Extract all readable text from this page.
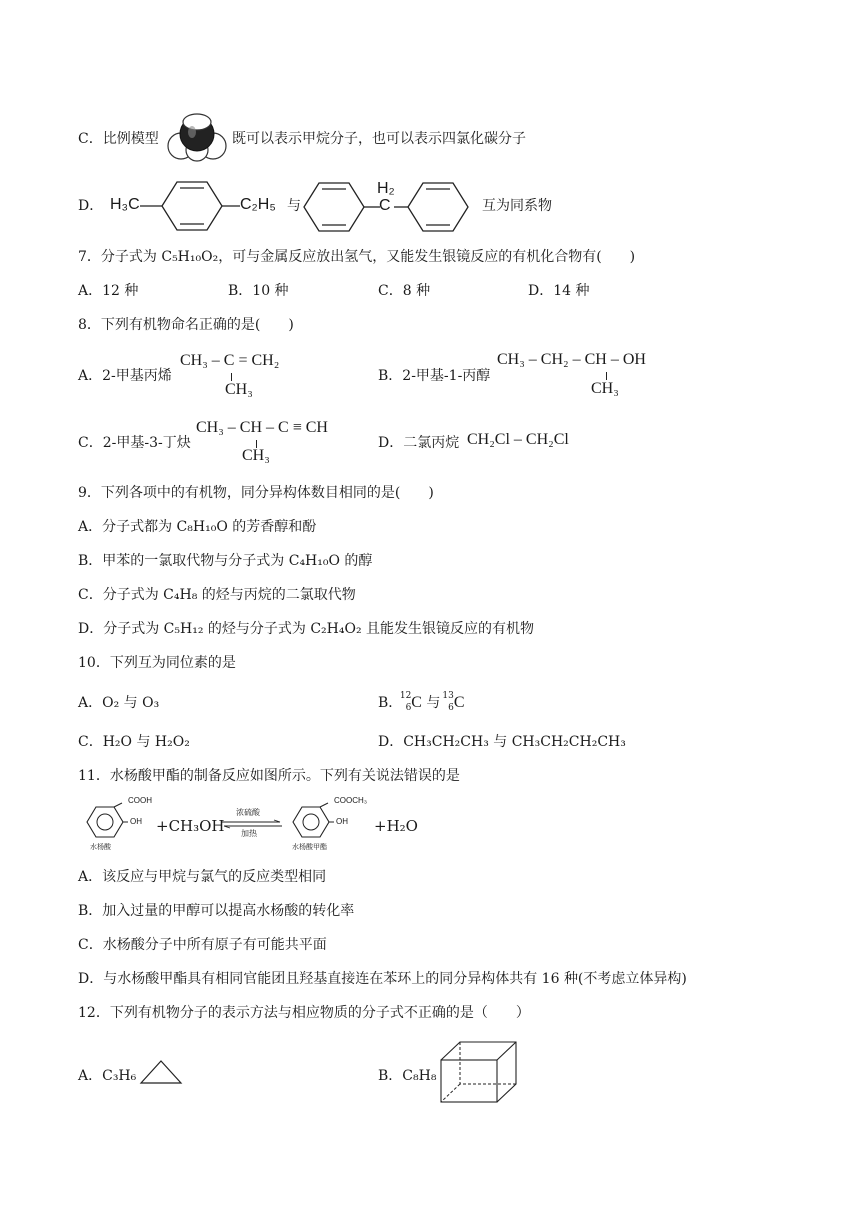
C．比例模型	既可以表示甲烷分子，也可以表示四氯化碳分子
D． H₃C	C₂H₅ 与
H₂
C	互为同系物
7．分子式为 C₅H₁₀O₂，可与金属反应放出氢气，又能发生银镜反应的有机化合物有(　　)
A．12 种	B．10 种	C．8 种	D．14 种
8．下列有机物命名正确的是(　　)
A．2-甲基丙烯
CH₃ – C = CH₂
CH₃
B．2-甲基-1-丙醇
CH₃ – CH₂ – CH – OH
CH₃
C．2-甲基-3-丁炔
CH₃ – CH – C ≡ CH
CH₃
D．二氯丙烷 CH₂Cl – CH₂Cl
9．下列各项中的有机物，同分异构体数目相同的是(　　)
A．分子式都为 C₈H₁₀O 的芳香醇和酚
B．甲苯的一氯取代物与分子式为 C₄H₁₀O 的醇
C．分子式为 C₄H₈ 的烃与丙烷的二氯取代物
D．分子式为 C₅H₁₂ 的烃与分子式为 C₂H₄O₂ 且能发生银镜反应的有机物
10．下列互为同位素的是
A．O₂ 与 O₃	B．
12
6 C 与
13
6 C
C．H₂O 与 H₂O₂	D．CH₃CH₂CH₃ 与 CH₃CH₂CH₂CH₃
11．水杨酸甲酯的制备反应如图所示。下列有关说法错误的是
COOH
OH
水杨酸
+CH₃OH
浓硫酸
加热
COOCH₃
OH
水杨酸甲酯
+H₂O
A．该反应与甲烷与氯气的反应类型相同
B．加入过量的甲醇可以提高水杨酸的转化率
C．水杨酸分子中所有原子有可能共平面
D．与水杨酸甲酯具有相同官能团且羟基直接连在苯环上的同分异构体共有 16 种(不考虑立体异构)
12．下列有机物分子的表示方法与相应物质的分子式不正确的是（　　）
A．C₃H₆	B．C₈H₈
